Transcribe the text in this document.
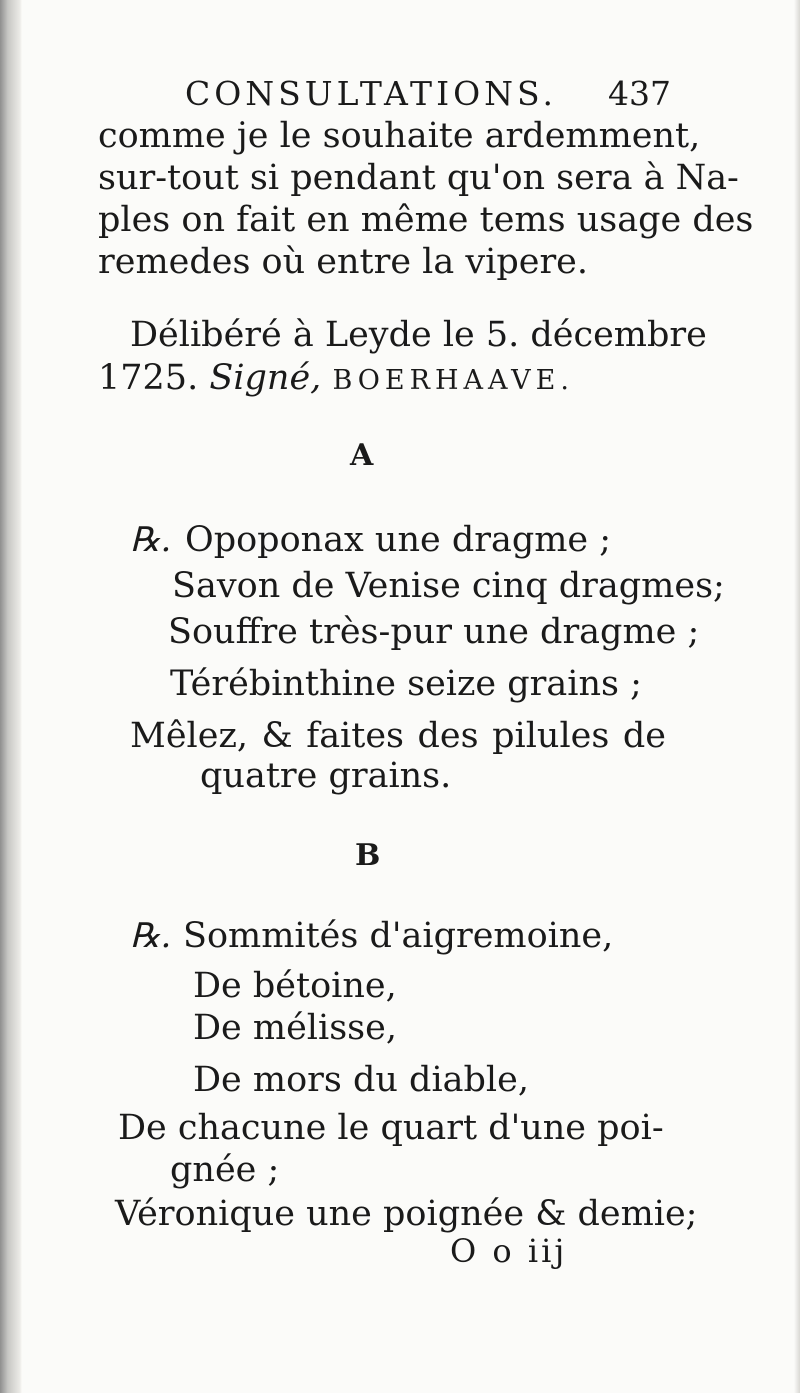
CONSULTATIONS. 437
comme je le souhaite ardemment,
sur-tout si pendant qu'on sera à Na-
ples on fait en même tems usage des
remedes où entre la vipere.
Délibéré à Leyde le 5. décembre
1725. Signé, BOERHAAVE.
A
℞. Opoponax une dragme ;
Savon de Venise cinq dragmes;
Souffre très-pur une dragme ;
Térébinthine seize grains ;
Mêlez, & faites des pilules de
quatre grains.
B
℞. Sommités d'aigremoine,
De bétoine,
De mélisse,
De mors du diable,
De chacune le quart d'une poi-
gnée ;
Véronique une poignée & demie;
O o iij
